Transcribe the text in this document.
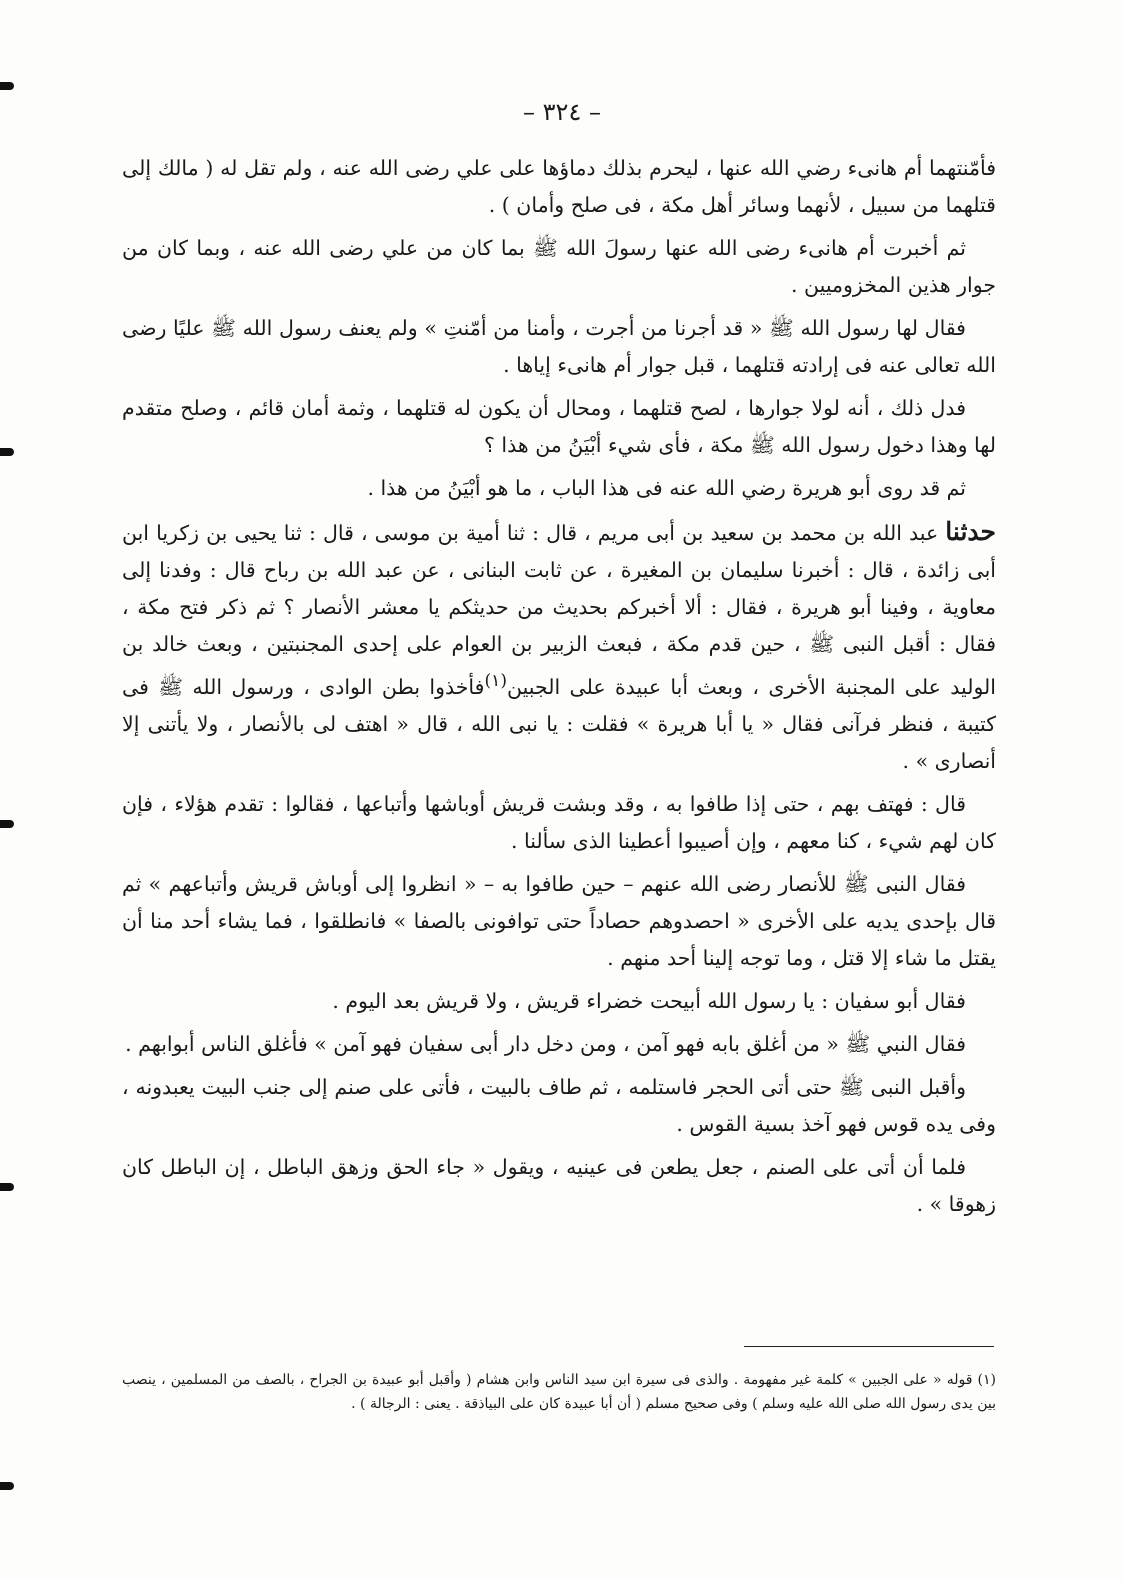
– ٣٢٤ –

فأمّنتهما أم هانىء رضي الله عنها ، ليحرم بذلك دماؤها على علي رضى الله عنه ، ولم تقل له ( مالك إلى قتلهما من سبيل ، لأنهما وسائر أهل مكة ، فى صلح وأمان ) .

ثم أخبرت أم هانىء رضى الله عنها رسولَ الله ﷺ بما كان من علي رضى الله عنه ، وبما كان من جوار هذين المخزوميين .

فقال لها رسول الله ﷺ « قد أجرنا من أجرت ، وأمنا من أمّنتِ » ولم يعنف رسول الله ﷺ عليًا رضى الله تعالى عنه فى إرادته قتلهما ، قبل جوار أم هانىء إياها .

فدل ذلك ، أنه لولا جوارها ، لصح قتلهما ، ومحال أن يكون له قتلهما ، وثمة أمان قائم ، وصلح متقدم لها وهذا دخول رسول الله ﷺ مكة ، فأى شيء أبْيَنُ من هذا ؟

ثم قد روى أبو هريرة رضي الله عنه فى هذا الباب ، ما هو أبْيَنُ من هذا .

حدثنا عبد الله بن محمد بن سعيد بن أبى مريم ، قال : ثنا أمية بن موسى ، قال : ثنا يحيى بن زكريا ابن أبى زائدة ، قال : أخبرنا سليمان بن المغيرة ، عن ثابت البنانى ، عن عبد الله بن رباح قال : وفدنا إلى معاوية ، وفينا أبو هريرة ، فقال : ألا أخبركم بحديث من حديثكم يا معشر الأنصار ؟ ثم ذكر فتح مكة ، فقال : أقبل النبى ﷺ ، حين قدم مكة ، فبعث الزبير بن العوام على إحدى المجنبتين ، وبعث خالد بن الوليد على المجنبة الأخرى ، وبعث أبا عبيدة على الجبين$^{(١)}$فأخذوا بطن الوادى ، ورسول الله ﷺ فى كتيبة ، فنظر فرآنى فقال « يا أبا هريرة » فقلت : يا نبى الله ، قال « اهتف لى بالأنصار ، ولا يأتنى إلا أنصارى » .

قال : فهتف بهم ، حتى إذا طافوا به ، وقد وبشت قريش أوباشها وأتباعها ، فقالوا : تقدم هؤلاء ، فإن كان لهم شيء ، كنا معهم ، وإن أصيبوا أعطينا الذى سألنا .

فقال النبى ﷺ للأنصار رضى الله عنهم – حين طافوا به – « انظروا إلى أوباش قريش وأتباعهم » ثم قال بإحدى يديه على الأخرى « احصدوهم حصاداً حتى توافونى بالصفا » فانطلقوا ، فما يشاء أحد منا أن يقتل ما شاء إلا قتل ، وما توجه إلينا أحد منهم .

فقال أبو سفيان : يا رسول الله أبيحت خضراء قريش ، ولا قريش بعد اليوم .

فقال النبي ﷺ « من أغلق بابه فهو آمن ، ومن دخل دار أبى سفيان فهو آمن » فأغلق الناس أبوابهم .

وأقبل النبى ﷺ حتى أتى الحجر فاستلمه ، ثم طاف بالبيت ، فأتى على صنم إلى جنب البيت يعبدونه ، وفى يده قوس فهو آخذ بسية القوس .

فلما أن أتى على الصنم ، جعل يطعن فى عينيه ، ويقول « جاء الحق وزهق الباطل ، إن الباطل كان زهوقا » .

(١) قوله « على الجبين » كلمة غير مفهومة . والذى فى سيرة ابن سيد الناس وابن هشام ( وأقبل أبو عبيدة بن الجراح ، بالصف من المسلمين ، ينصب بين يدى رسول الله صلى الله عليه وسلم ) وفى صحيح مسلم ( أن أبا عبيدة كان على البياذقة . يعنى : الرجالة ) .
